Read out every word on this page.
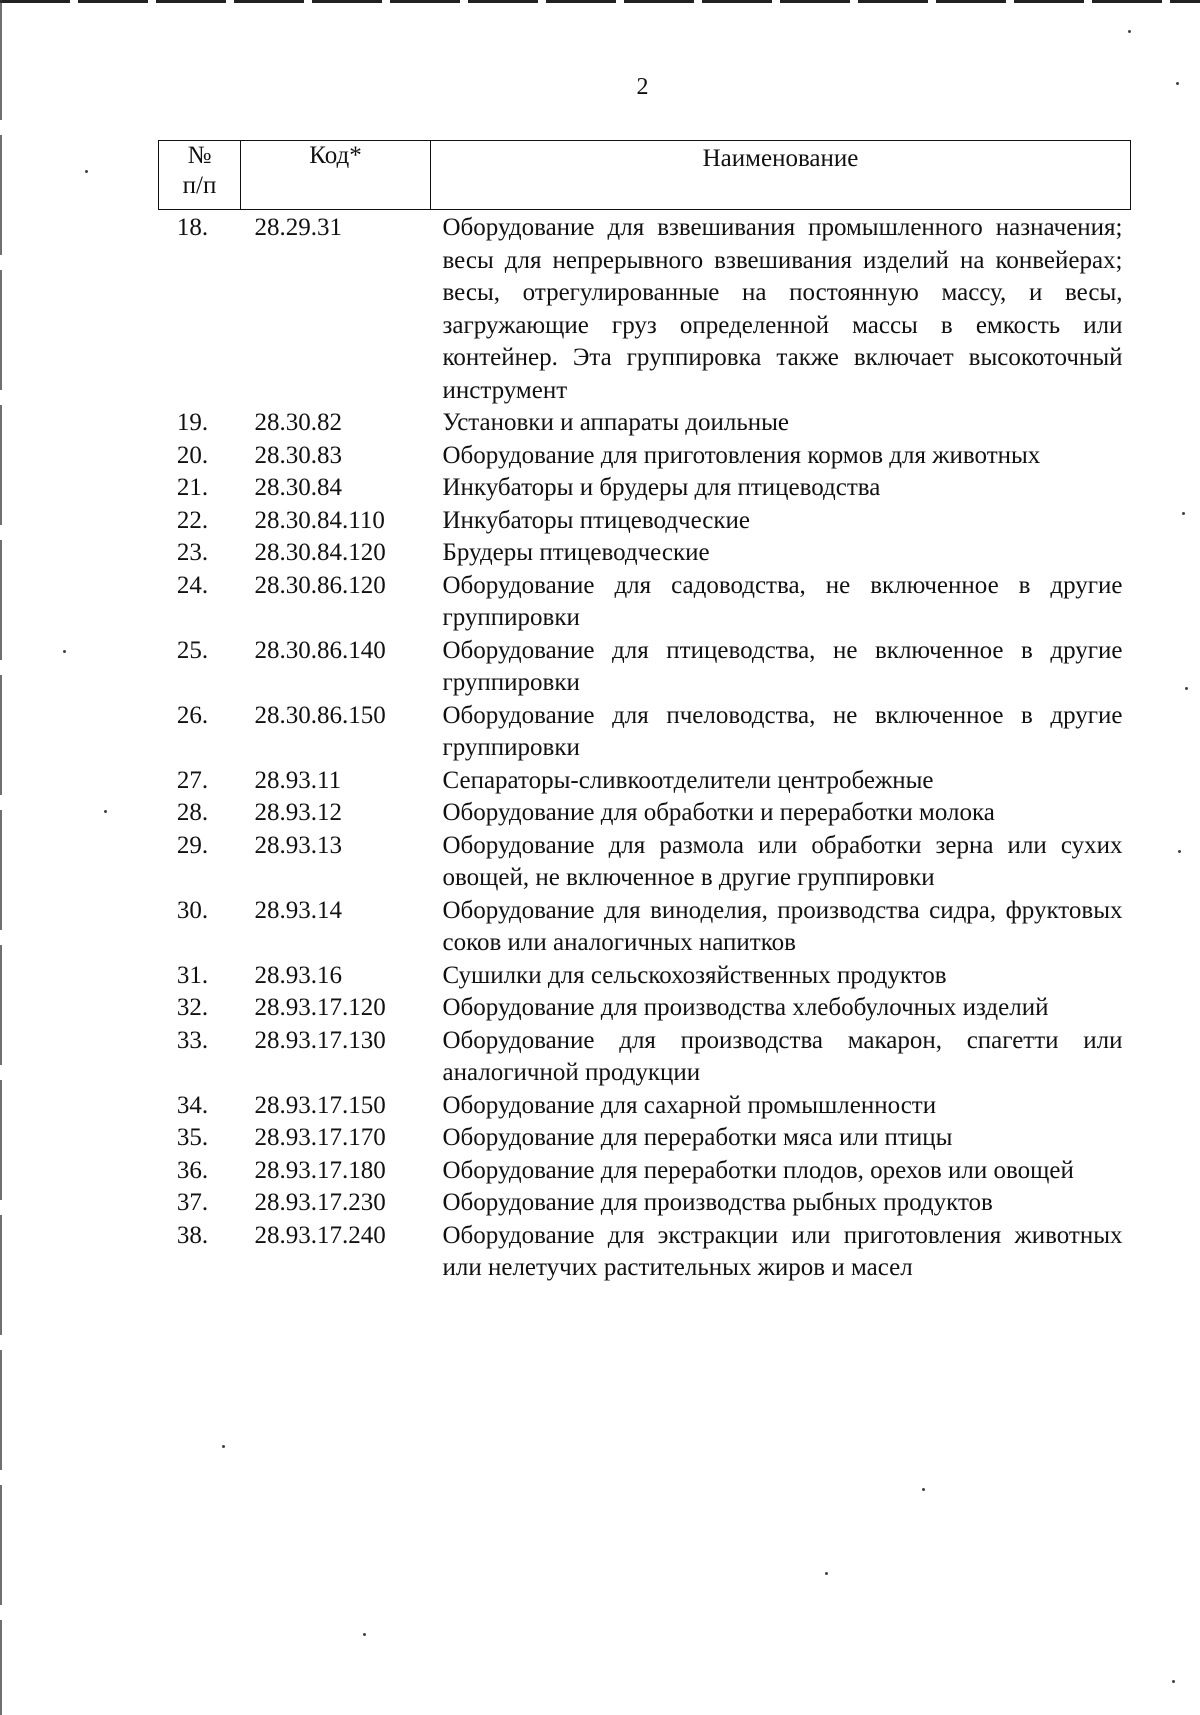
2
№
п/п	Код*	Наименование
18.	28.29.31	Оборудование для взвешивания промышленного назначения; весы для непрерывного взвешивания изделий на конвейерах; весы, отрегулированные на постоянную массу, и весы, загружающие груз определенной массы в емкость или контейнер. Эта группировка также включает высокоточный инструмент
19.	28.30.82	Установки и аппараты доильные
20.	28.30.83	Оборудование для приготовления кормов для животных
21.	28.30.84	Инкубаторы и брудеры для птицеводства
22.	28.30.84.110	Инкубаторы птицеводческие
23.	28.30.84.120	Брудеры птицеводческие
24.	28.30.86.120	Оборудование для садоводства, не включенное в другие группировки
25.	28.30.86.140	Оборудование для птицеводства, не включенное в другие группировки
26.	28.30.86.150	Оборудование для пчеловодства, не включенное в другие группировки
27.	28.93.11	Сепараторы-сливкоотделители центробежные
28.	28.93.12	Оборудование для обработки и переработки молока
29.	28.93.13	Оборудование для размола или обработки зерна или сухих овощей, не включенное в другие группировки
30.	28.93.14	Оборудование для виноделия, производства сидра, фруктовых соков или аналогичных напитков
31.	28.93.16	Сушилки для сельскохозяйственных продуктов
32.	28.93.17.120	Оборудование для производства хлебобулочных изделий
33.	28.93.17.130	Оборудование для производства макарон, спагетти или аналогичной продукции
34.	28.93.17.150	Оборудование для сахарной промышленности
35.	28.93.17.170	Оборудование для переработки мяса или птицы
36.	28.93.17.180	Оборудование для переработки плодов, орехов или овощей
37.	28.93.17.230	Оборудование для производства рыбных продуктов
38.	28.93.17.240	Оборудование для экстракции или приготовления животных или нелетучих растительных жиров и масел
